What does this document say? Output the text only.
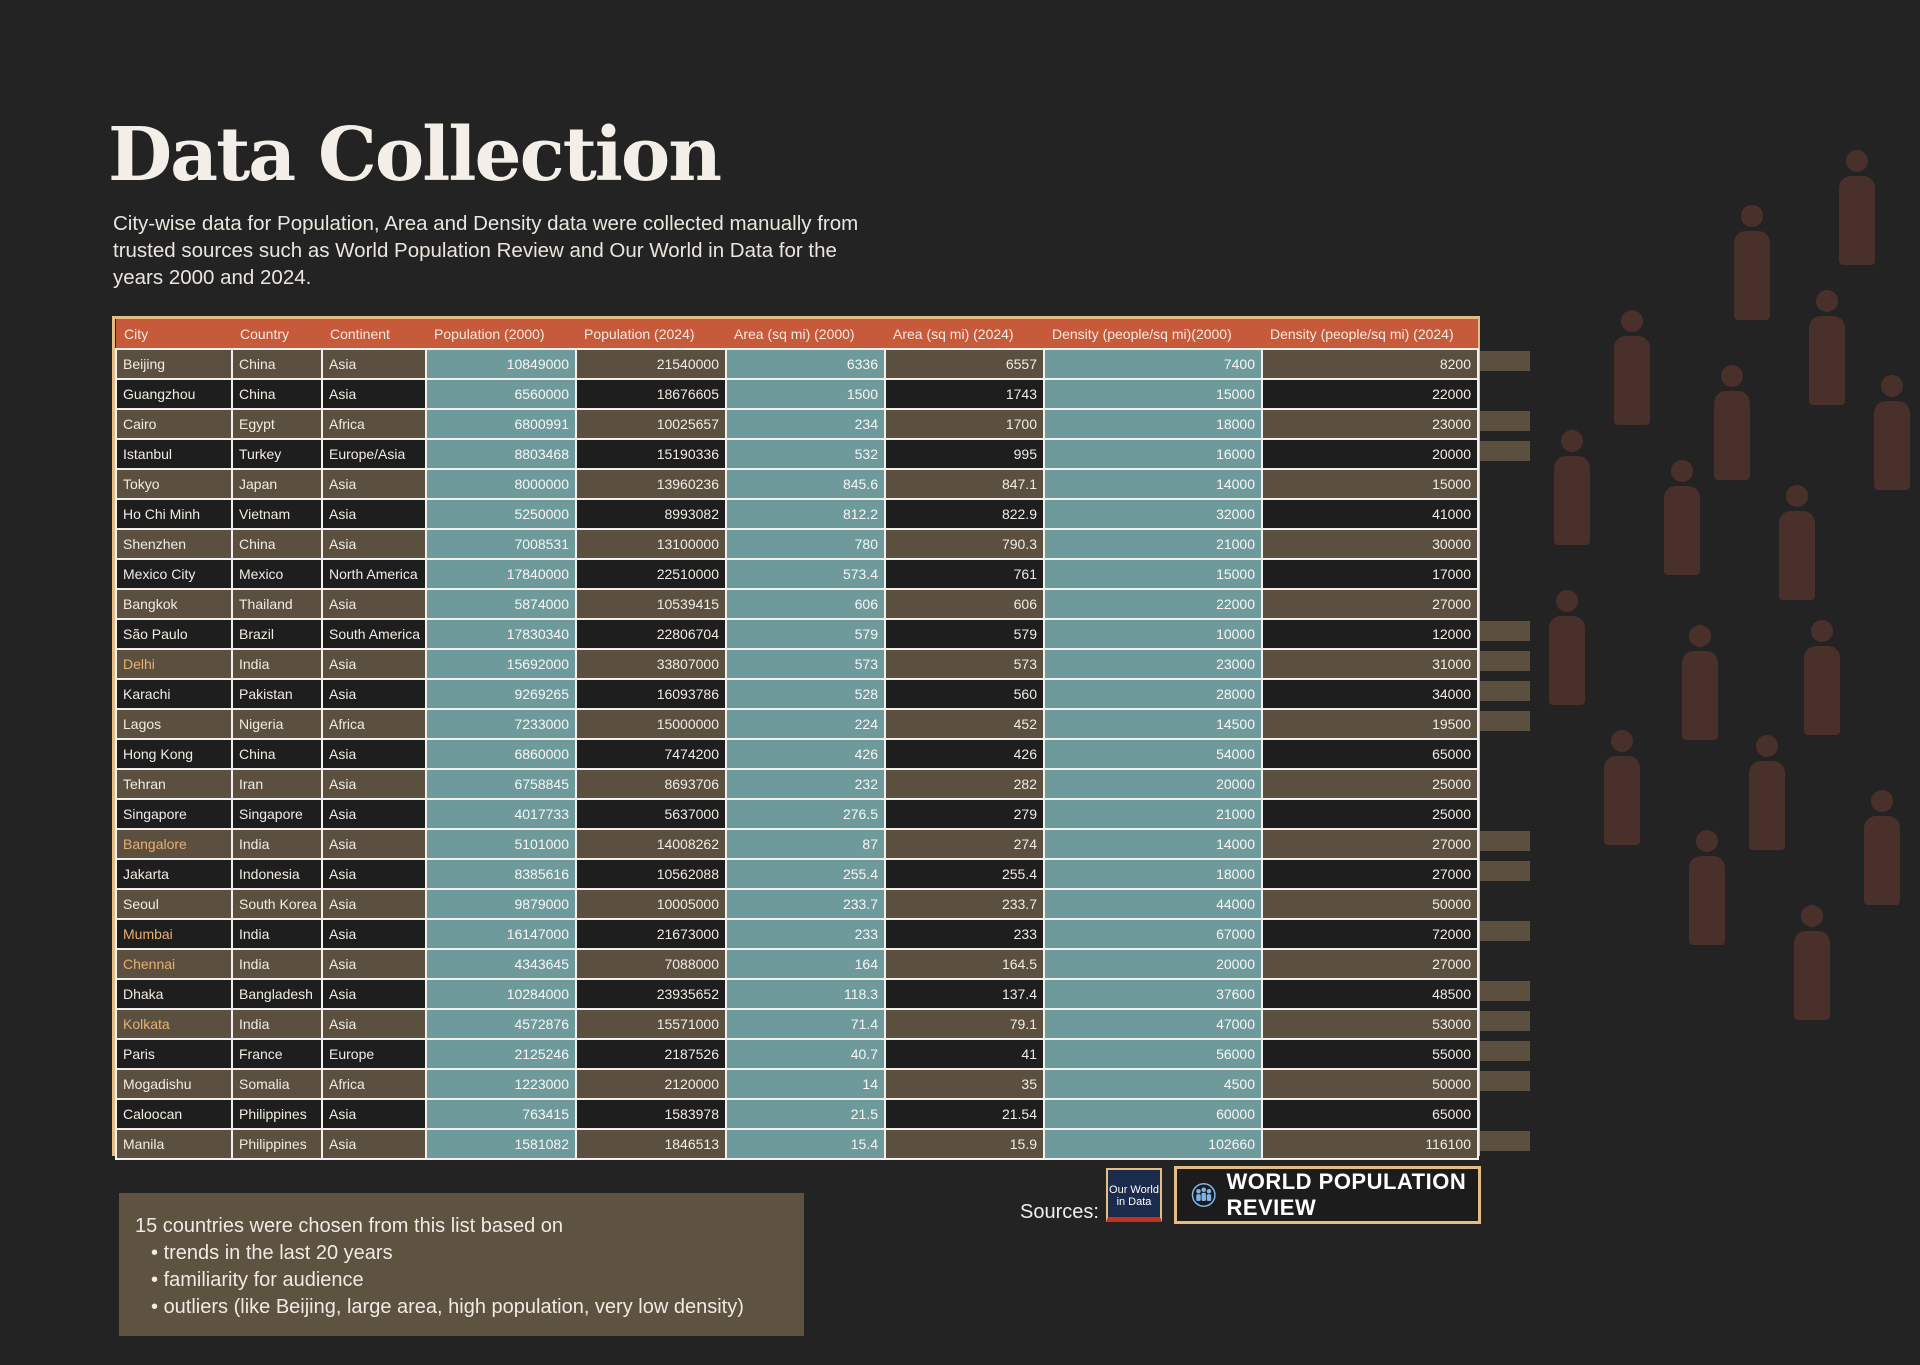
Data Collection

City-wise data for Population, Area and Density data were collected manually from trusted sources such as World Population Review and Our World in Data for the years 2000 and 2024.

City	Country	Continent	Population (2000)	Population (2024)	Area (sq mi) (2000)	Area (sq mi) (2024)	Density (people/sq mi)(2000)	Density (people/sq mi) (2024)
Beijing	China	Asia	10849000	21540000	6336	6557	7400	8200
Guangzhou	China	Asia	6560000	18676605	1500	1743	15000	22000
Cairo	Egypt	Africa	6800991	10025657	234	1700	18000	23000
Istanbul	Turkey	Europe/Asia	8803468	15190336	532	995	16000	20000
Tokyo	Japan	Asia	8000000	13960236	845.6	847.1	14000	15000
Ho Chi Minh	Vietnam	Asia	5250000	8993082	812.2	822.9	32000	41000
Shenzhen	China	Asia	7008531	13100000	780	790.3	21000	30000
Mexico City	Mexico	North America	17840000	22510000	573.4	761	15000	17000
Bangkok	Thailand	Asia	5874000	10539415	606	606	22000	27000
São Paulo	Brazil	South America	17830340	22806704	579	579	10000	12000
Delhi	India	Asia	15692000	33807000	573	573	23000	31000
Karachi	Pakistan	Asia	9269265	16093786	528	560	28000	34000
Lagos	Nigeria	Africa	7233000	15000000	224	452	14500	19500
Hong Kong	China	Asia	6860000	7474200	426	426	54000	65000
Tehran	Iran	Asia	6758845	8693706	232	282	20000	25000
Singapore	Singapore	Asia	4017733	5637000	276.5	279	21000	25000
Bangalore	India	Asia	5101000	14008262	87	274	14000	27000
Jakarta	Indonesia	Asia	8385616	10562088	255.4	255.4	18000	27000
Seoul	South Korea	Asia	9879000	10005000	233.7	233.7	44000	50000
Mumbai	India	Asia	16147000	21673000	233	233	67000	72000
Chennai	India	Asia	4343645	7088000	164	164.5	20000	27000
Dhaka	Bangladesh	Asia	10284000	23935652	118.3	137.4	37600	48500
Kolkata	India	Asia	4572876	15571000	71.4	79.1	47000	53000
Paris	France	Europe	2125246	2187526	40.7	41	56000	55000
Mogadishu	Somalia	Africa	1223000	2120000	14	35	4500	50000
Caloocan	Philippines	Asia	763415	1583978	21.5	21.54	60000	65000
Manila	Philippines	Asia	1581082	1846513	15.4	15.9	102660	116100

15 countries were chosen from this list based on

• trends in the last 20 years
• familiarity for audience
• outliers (like Beijing, large area, high population, very low density)
Sources:
Our World in Data
WORLD POPULATION REVIEW
